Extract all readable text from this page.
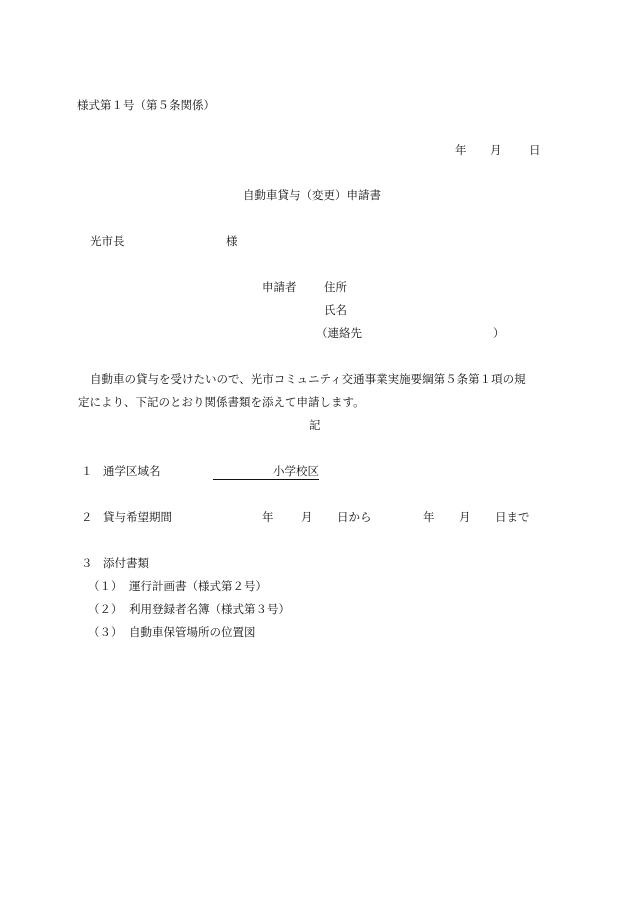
様式第１号（第５条関係）
年 月 日
自動車貸与（変更）申請書
光市長	様
申請者 住所
氏名
（連絡先	）
自動車の貸与を受けたいので、光市コミュニティ交通事業実施要綱第５条第１項の規
定により、下記のとおり関係書類を添えて申請します。
記
１ 通学区域名	小学校区
２ 貸与希望期間	年 月 日から	年 月 日まで
３ 添付書類
（１） 運行計画書（様式第２号）
（２） 利用登録者名簿（様式第３号）
（３） 自動車保管場所の位置図
